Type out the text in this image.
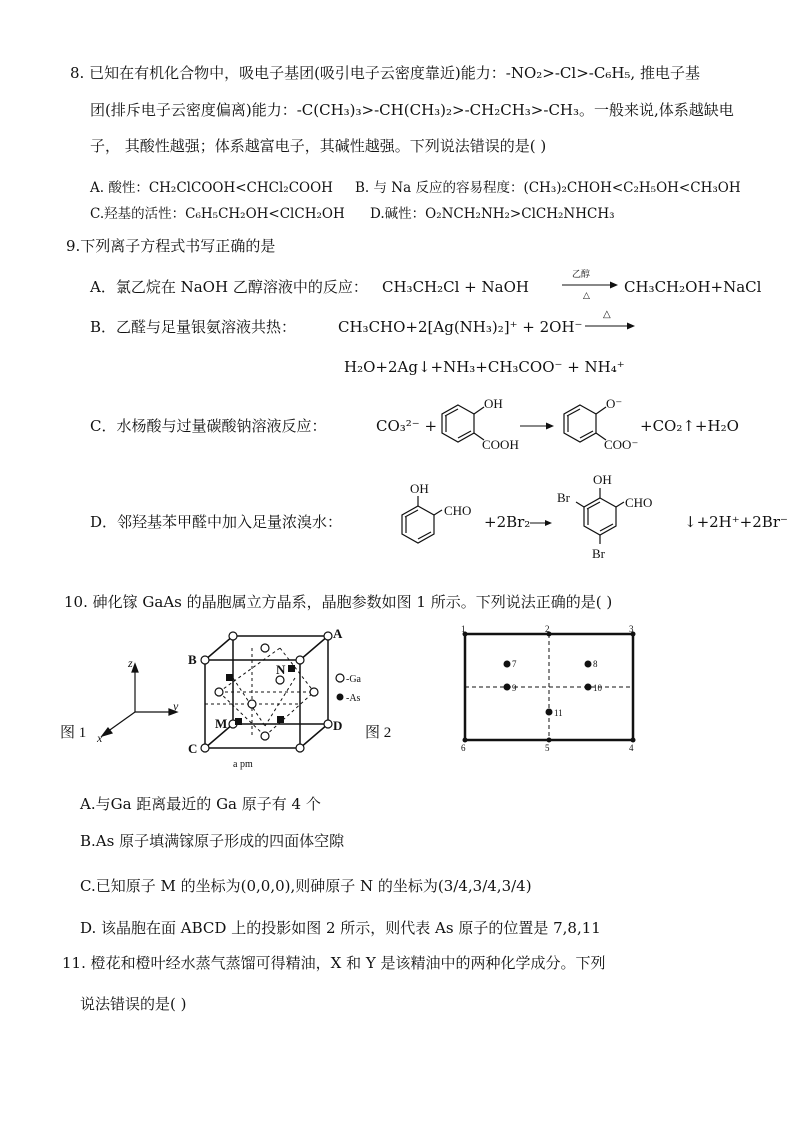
8. 已知在有机化合物中，吸电子基团(吸引电子云密度靠近)能力：-NO₂>-Cl>-C₆H₅, 推电子基
团(排斥电子云密度偏离)能力：-C(CH₃)₃>-CH(CH₃)₂>-CH₂CH₃>-CH₃。一般来说,体系越缺电
子， 其酸性越强；体系越富电子，其碱性越强。下列说法错误的是( )
A. 酸性：CH₂ClCOOH<CHCl₂COOH B. 与 Na 反应的容易程度：(CH₃)₂CHOH<C₂H₅OH<CH₃OH
C.羟基的活性：C₆H₅CH₂OH<ClCH₂OH D.碱性：O₂NCH₂NH₂>ClCH₂NHCH₃
9.下列离子方程式书写正确的是
A．氯乙烷在 NaOH 乙醇溶液中的反应： CH₃CH₂Cl + NaOH
乙醇
△ CH₃CH₂OH+NaCl
B．乙醛与足量银氨溶液共热：	CH₃CHO+2[Ag(NH₃)₂]⁺ + 2OH⁻
△
H₂O+2Ag↓+NH₃+CH₃COO⁻ + NH₄⁺
C．水杨酸与过量碳酸钠溶液反应：	CO₃²⁻ +
OH
COOH
O⁻
COO⁻
+CO₂↑+H₂O
D．邻羟基苯甲醛中加入足量浓溴水：
OH
CHO
+2Br₂ →
OH
CHO
Br
Br
↓+2H⁺+2Br⁻
10. 砷化镓 GaAs 的晶胞属立方晶系，晶胞参数如图 1 所示。下列说法正确的是( )
z
y
x
图 1
B
C
A
D
M
N
-Ga
-As
a pm
图 2
1	2	3
4
5
6
7	8
9	10
11
A.与Ga 距离最近的 Ga 原子有 4 个
B.As 原子填满镓原子形成的四面体空隙
C.已知原子 M 的坐标为(0,0,0),则砷原子 N 的坐标为(3/4,3/4,3/4)
D. 该晶胞在面 ABCD 上的投影如图 2 所示，则代表 As 原子的位置是 7,8,11
11. 橙花和橙叶经水蒸气蒸馏可得精油，X 和 Y 是该精油中的两种化学成分。下列
说法错误的是( )
